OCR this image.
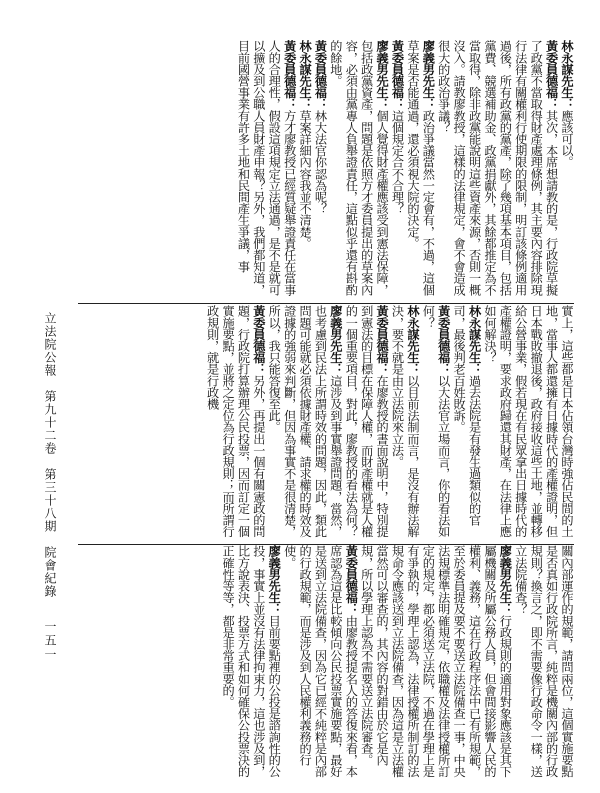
林永謀先生：應該可以。

黃委員德福：其次，本席想請教的是，行政院草擬了政黨不當取得財產處理條例，其主要內容排除現行法律有關權利行使期限的限制，明訂該條例適用過後，所有政黨的黨產，除了幾項基本項目，包括黨費、競選補助金、政黨捐獻外，其餘都推定為不當取得，除非政黨能說明這些資產來源，否則一概沒入。請教廖教授，這樣的法律規定，會不會造成很大的政治爭議？

廖義男先生：政治爭議當然一定會有，不過，這個草案是否能通過，還必須視大院的決定。

黃委員德福：這個規定合不合理？

廖義男先生：個人覺得財產權應該受到憲法保障，包括政黨資產，問題是依照方才委員提出的草案內容，必須由黨專人負舉證責任，這點似乎還有斟酌的餘地。

黃委員德福：林大法官你認為呢？

林永謀先生：草案詳細內容我並不清楚。

黃委員德福：方才廖教授已經質疑舉證責任在當事人的合理性，假設這項規定立法通過，是不是就可以擴及到公職人員財產申報？另外，我們都知道，目前國營事業有許多土地和民間產生爭議，事

實上，這些都是日本佔領台灣時強佔民間的土地，當事人都還擁有日據時代的產權證明，但日本戰敗撤退後，政府接收這些土地，並轉移給公營事業，假若現在有民眾拿出日據時代的產權證明，要求政府歸還其財產，在法律上應如何解決？

林永謀先生：過去法院是有發生過類似的官司，最後判老百姓敗訴。

黃委員德福：以大法官立場而言，你的看法如何？

林永謀先生：以目前法制而言，是沒有辦法解決，要不就是由立法院來立法。

黃委員德福：在廖教授的書面說明中，特別提到憲法的目標在保障人權，而財產權就是人權的一個重要項目，對此，廖教授的看法為何？

廖義男先生：這涉及到事實舉證問題，當然，也考慮到民法上所謂時效的問題，因此，類此問題可能就必須依據財產權、請求權的時效及證據的強弱來判斷，但因為事實不是很清楚，所以，我只能答復至此。

黃委員德福：另外，再提出一個有關憲政的問題，行政院打算辦理公民投票，因而訂定一個實施要點，並將之定位為行政規則；而所謂行政規則，就是行政機

關內部運作的規範，請問兩位，這個實施要點是否真如行政院所言，純粹是機關內部的行政規則？換言之，即不需要像行政命令一樣，送立法院備查？

廖義男先生：行政規則的適用對象應該是其下屬機關及所屬公務人員，但會間接影響人民的權利、義務，這在行政程序法中已有所規範，至於委員提及要不要送立法院備查一事，中央法規標準法明確規定，依職權及法律授權所訂定的規定，都必須送立法院，不過在學理上是有爭執的，學理上認為，法律授權所制訂的法規命令應該送到立法院備查，因為這是立法權當然可以審查的，其內容的對錯由於它是內規，所以學理上認為不需要送立法院審查。

黃委員德福：由廖教授提名人的答復來看，本席認為這是比較傾向公民投票實施要點，最好是送到立法院備查，因為它已經不純粹是內部的行政規範，而是涉及到人民權利義務的行使。

廖義男先生：目前要點裡的公投是諮詢性的公投，事實上並沒有法律拘束力，這也涉及到，比方說表決、投票方式和如何確保公投票決的正確性等等，都是非常重要的。

立法院公報　第九十二卷　第三十八期　院會紀錄
一五一
